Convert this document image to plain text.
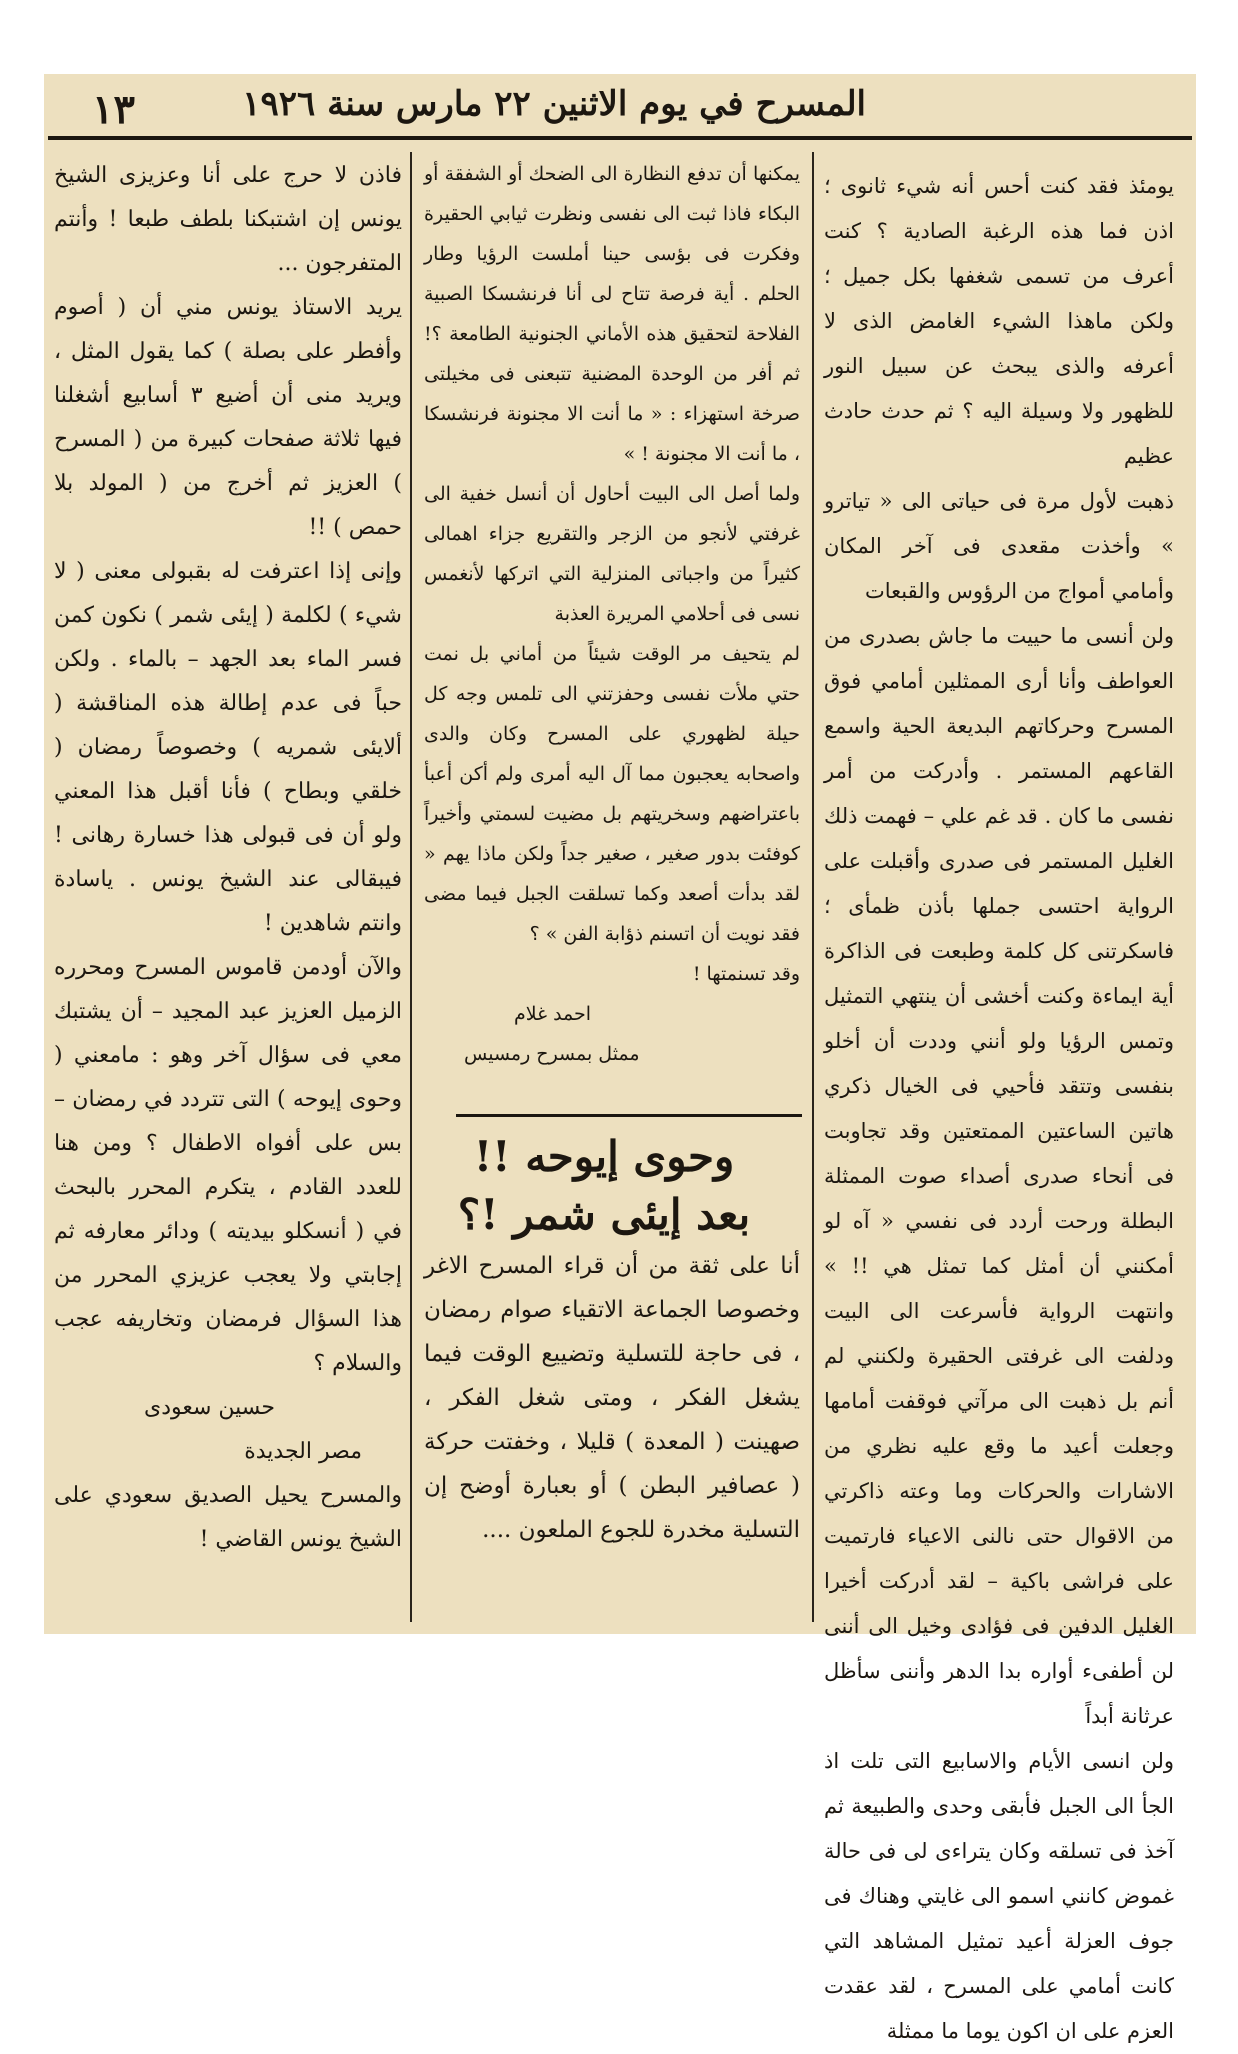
١٣	المسرح في يوم الاثنين ٢٢ مارس سنة ١٩٢٦

يومئذ فقد كنت أحس أنه شيء ثانوى ؛ اذن فما هذه الرغبة الصادية ؟ كنت أعرف من تسمى شغفها بكل جميل ؛ ولكن ماهذا الشيء الغامض الذى لا أعرفه والذى يبحث عن سبيل النور للظهور ولا وسيلة اليه ؟ ثم حدث حادث عظيم

ذهبت لأول مرة فى حياتى الى « تياترو » وأخذت مقعدى فى آخر المكان وأمامي أمواج من الرؤوس والقبعات

ولن أنسى ما حييت ما جاش بصدرى من العواطف وأنا أرى الممثلين أمامي فوق المسرح وحركاتهم البديعة الحية واسمع القاعهم المستمر . وأدركت من أمر نفسى ما كان . قد غم علي – فهمت ذلك الغليل المستمر فى صدرى وأقبلت على الرواية احتسى جملها بأذن ظمأى ؛ فاسكرتنى كل كلمة وطبعت فى الذاكرة أية ايماءة وكنت أخشى أن ينتهي التمثيل وتمس الرؤيا ولو أنني وددت أن أخلو بنفسى وتتقد فأحيي فى الخيال ذكري هاتين الساعتين الممتعتين وقد تجاوبت فى أنحاء صدرى أصداء صوت الممثلة البطلة ورحت أردد فى نفسي « آه لو أمكنني أن أمثل كما تمثل هي !! » وانتهت الرواية فأسرعت الى البيت ودلفت الى غرفتى الحقيرة ولكنني لم أنم بل ذهبت الى مرآتي فوقفت أمامها وجعلت أعيد ما وقع عليه نظري من الاشارات والحركات وما وعته ذاكرتي من الاقوال حتى نالنى الاعياء فارتميت على فراشى باكية – لقد أدركت أخيرا الغليل الدفين فى فؤادى وخيل الى أننى لن أطفىء أواره بدا الدهر وأننى سأظل عرثانة أبداً

ولن انسى الأيام والاسابيع التى تلت اذ الجأ الى الجبل فأبقى وحدى والطبيعة ثم آخذ فى تسلقه وكان يتراءى لى فى حالة غموض كانني اسمو الى غايتي وهناك فى جوف العزلة أعيد تمثيل المشاهد التي كانت أمامي على المسرح ، لقد عقدت العزم على ان اكون يوما ما ممثلة

يمكنها أن تدفع النظارة الى الضحك أو الشفقة أو البكاء فاذا ثبت الى نفسى ونظرت ثيابي الحقيرة وفكرت فى بؤسى حينا أملست الرؤيا وطار الحلم . أية فرصة تتاح لى أنا فرنشسكا الصبية الفلاحة لتحقيق هذه الأماني الجنونية الطامعة ؟! ثم أفر من الوحدة المضنية تتبعنى فى مخيلتى صرخة استهزاء : « ما أنت الا مجنونة فرنشسكا ، ما أنت الا مجنونة ! »

ولما أصل الى البيت أحاول أن أنسل خفية الى غرفتي لأنجو من الزجر والتقريع جزاء اهمالى كثيراً من واجباتى المنزلية التي اتركها لأنغمس نسى فى أحلامي المريرة العذبة

لم يتحيف مر الوقت شيئاً من أماني بل نمت حتي ملأت نفسى وحفزتني الى تلمس وجه كل حيلة لظهوري على المسرح وكان والدى واصحابه يعجبون مما آل اليه أمرى ولم أكن أعبأ باعتراضهم وسخريتهم بل مضيت لسمتي وأخيراً كوفئت بدور صغير ، صغير جداً ولكن ماذا يهم « لقد بدأت أصعد وكما تسلقت الجبل فيما مضى فقد نويت أن اتسنم ذؤابة الفن » ؟

وقد تسنمتها !

احمد غلام

ممثل بمسرح رمسيس

وحوى إيوحه !!
بعد إيئى شمر !؟

أنا على ثقة من أن قراء المسرح الاغر وخصوصا الجماعة الاتقياء صوام رمضان ، فى حاجة للتسلية وتضييع الوقت فيما يشغل الفكر ، ومتى شغل الفكر ، صهينت ( المعدة ) قليلا ، وخفتت حركة ( عصافير البطن ) أو بعبارة أوضح إن التسلية مخدرة للجوع الملعون ....

فاذن لا حرج على أنا وعزيزى الشيخ يونس إن اشتبكنا بلطف طبعا ! وأنتم المتفرجون ...

يريد الاستاذ يونس مني أن ( أصوم وأفطر على بصلة ) كما يقول المثل ، ويريد منى أن أضيع ٣ أسابيع أشغلنا فيها ثلاثة صفحات كبيرة من ( المسرح ) العزيز ثم أخرج من ( المولد بلا حمص ) !!

وإنى إذا اعترفت له بقبولى معنى ( لا شيء ) لكلمة ( إيئى شمر ) نكون كمن فسر الماء بعد الجهد – بالماء . ولكن حباً فى عدم إطالة هذه المناقشة ( ألايئى شمريه ) وخصوصاً رمضان ( خلقي وبطاح ) فأنا أقبل هذا المعني ولو أن فى قبولى هذا خسارة رهانى ! فيبقالى عند الشيخ يونس . ياسادة وانتم شاهدين !

والآن أودمن قاموس المسرح ومحرره الزميل العزيز عبد المجيد – أن يشتبك معي فى سؤال آخر وهو : مامعني ( وحوى إيوحه ) التى تتردد في رمضان – بس على أفواه الاطفال ؟ ومن هنا للعدد القادم ، يتكرم المحرر بالبحث في ( أنسكلو بيديته ) ودائر معارفه ثم إجابتي ولا يعجب عزيزي المحرر من هذا السؤال فرمضان وتخاريفه عجب والسلام ؟

حسين سعودى

مصر الجديدة

والمسرح يحيل الصديق سعودي على الشيخ يونس القاضي !
